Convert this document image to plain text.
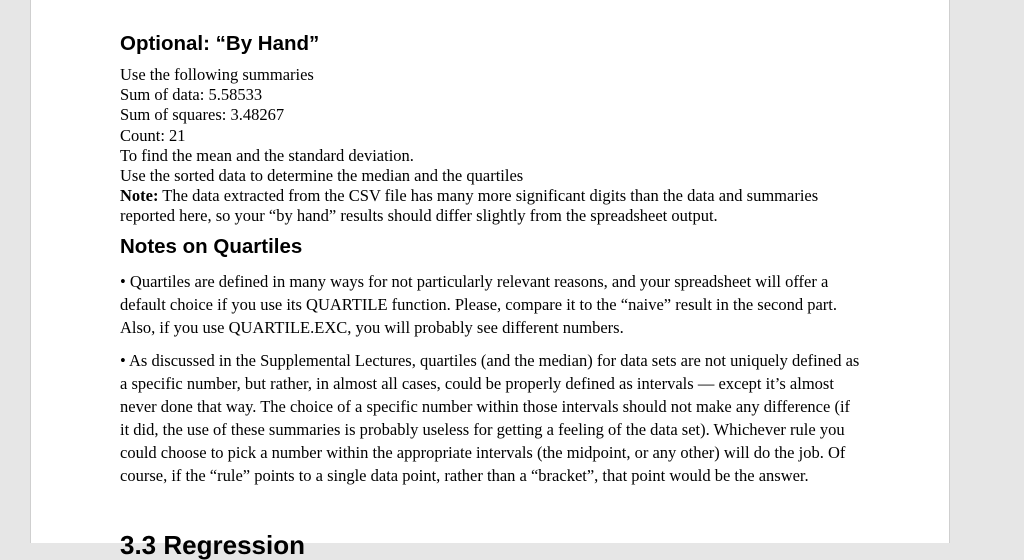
Optional: “By Hand”
Use the following summaries
Sum of data: 5.58533
Sum of squares: 3.48267
Count: 21
To find the mean and the standard deviation.
Use the sorted data to determine the median and the quartiles
Note: The data extracted from the CSV file has many more significant digits than the data and summaries reported here, so your “by hand” results should differ slightly from the spreadsheet output.
Notes on Quartiles

• Quartiles are defined in many ways for not particularly relevant reasons, and your spreadsheet will offer a default choice if you use its QUARTILE function. Please, compare it to the “naive” result in the second part. Also, if you use QUARTILE.EXC, you will probably see different numbers.

• As discussed in the Supplemental Lectures, quartiles (and the median) for data sets are not uniquely defined as a specific number, but rather, in almost all cases, could be properly defined as intervals — except it’s almost never done that way. The choice of a specific number within those intervals should not make any difference (if it did, the use of these summaries is probably useless for getting a feeling of the data set). Whichever rule you could choose to pick a number within the appropriate intervals (the midpoint, or any other) will do the job. Of course, if the “rule” points to a single data point, rather than a “bracket”, that point would be the answer.

3.3 Regression
